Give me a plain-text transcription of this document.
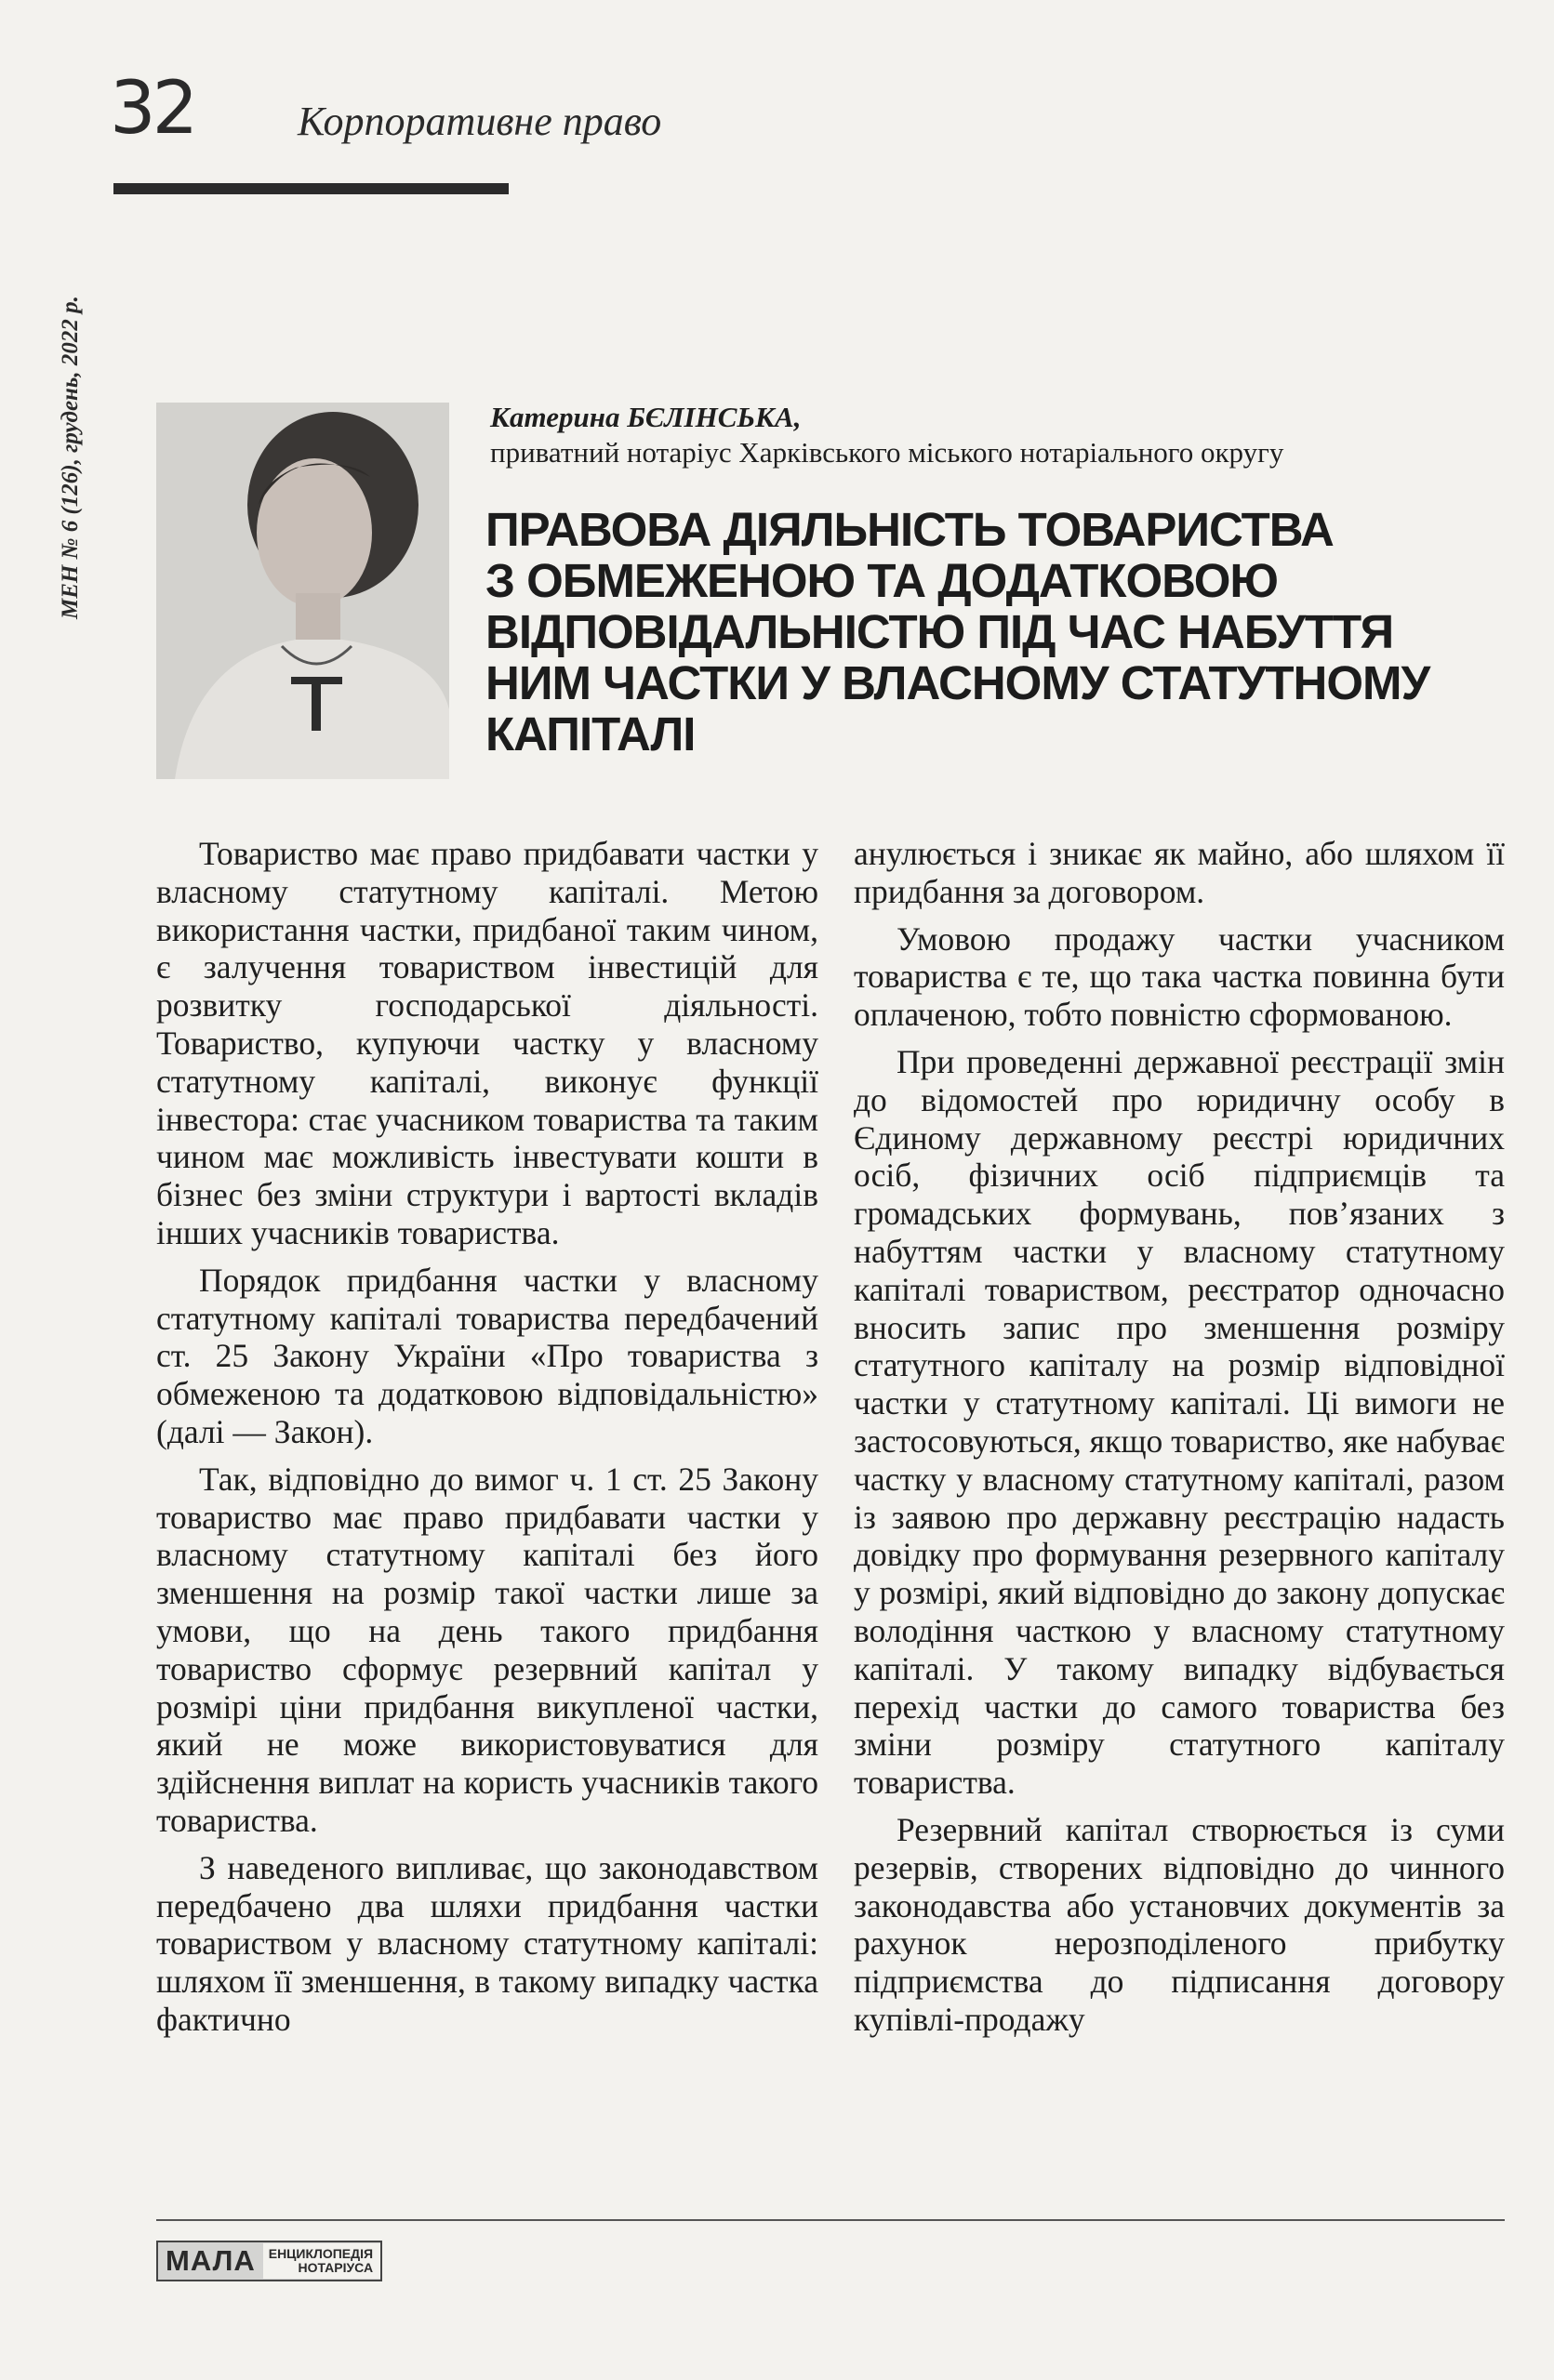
32	Корпоративне право
МЕН № 6 (126), грудень, 2022 р.	Катерина БЄЛІНСЬКА,
приватний нотаріус Харківського міського нотаріального округу
ПРАВОВА ДІЯЛЬНІСТЬ ТОВАРИСТВА
З ОБМЕЖЕНОЮ ТА ДОДАТКОВОЮ
ВІДПОВІДАЛЬНІСТЮ ПІД ЧАС НАБУТТЯ
НИМ ЧАСТКИ У ВЛАСНОМУ СТАТУТНОМУ
КАПІТАЛІ

Товариство має право придбавати частки у власному статутному капіталі. Метою використання частки, придбаної таким чином, є залучення товариством інвестицій для розвитку господарської діяльності. Товариство, купуючи частку у власному статутному капіталі, виконує функції інвестора: стає учасником товариства та таким чином має можливість інвестувати кошти в бізнес без зміни структури і вартості вкладів інших учасників товариства.

Порядок придбання частки у власному статутному капіталі товариства передбачений ст. 25 Закону України «Про товариства з обмеженою та додатковою відповідальністю» (далі — Закон).

Так, відповідно до вимог ч. 1 ст. 25 Закону товариство має право придбавати частки у власному статутному капіталі без його зменшення на розмір такої частки лише за умови, що на день такого придбання товариство сформує резервний капітал у розмірі ціни придбання викупленої частки, який не може використовуватися для здійснення виплат на користь учасників такого товариства.

З наведеного випливає, що законодавством передбачено два шляхи придбання частки товариством у власному статутному капіталі: шляхом її зменшення, в такому випадку частка фактично

анулюється і зникає як майно, або шляхом її придбання за договором.

Умовою продажу частки учасником товариства є те, що така частка повинна бути оплаченою, тобто повністю сформованою.

При проведенні державної реєстрації змін до відомостей про юридичну особу в Єдиному державному реєстрі юридичних осіб, фізичних осіб підприємців та громадських формувань, пов’язаних з набуттям частки у власному статутному капіталі товариством, реєстратор одночасно вносить запис про зменшення розміру статутного капіталу на розмір відповідної частки у статутному капіталі. Ці вимоги не застосовуються, якщо товариство, яке набуває частку у власному статутному капіталі, разом із заявою про державну реєстрацію надасть довідку про формування резервного капіталу у розмірі, який відповідно до закону допускає володіння часткою у власному статутному капіталі. У такому випадку відбувається перехід частки до самого товариства без зміни розміру статутного капіталу товариства.

Резервний капітал створюється із суми резервів, створених відповідно до чинного законодавства або установчих документів за рахунок нерозподіленого прибутку підприємства до підписання договору купівлі-продажу

МАЛА	ЕНЦИКЛОПЕДІЯ
НОТАРІУСА
